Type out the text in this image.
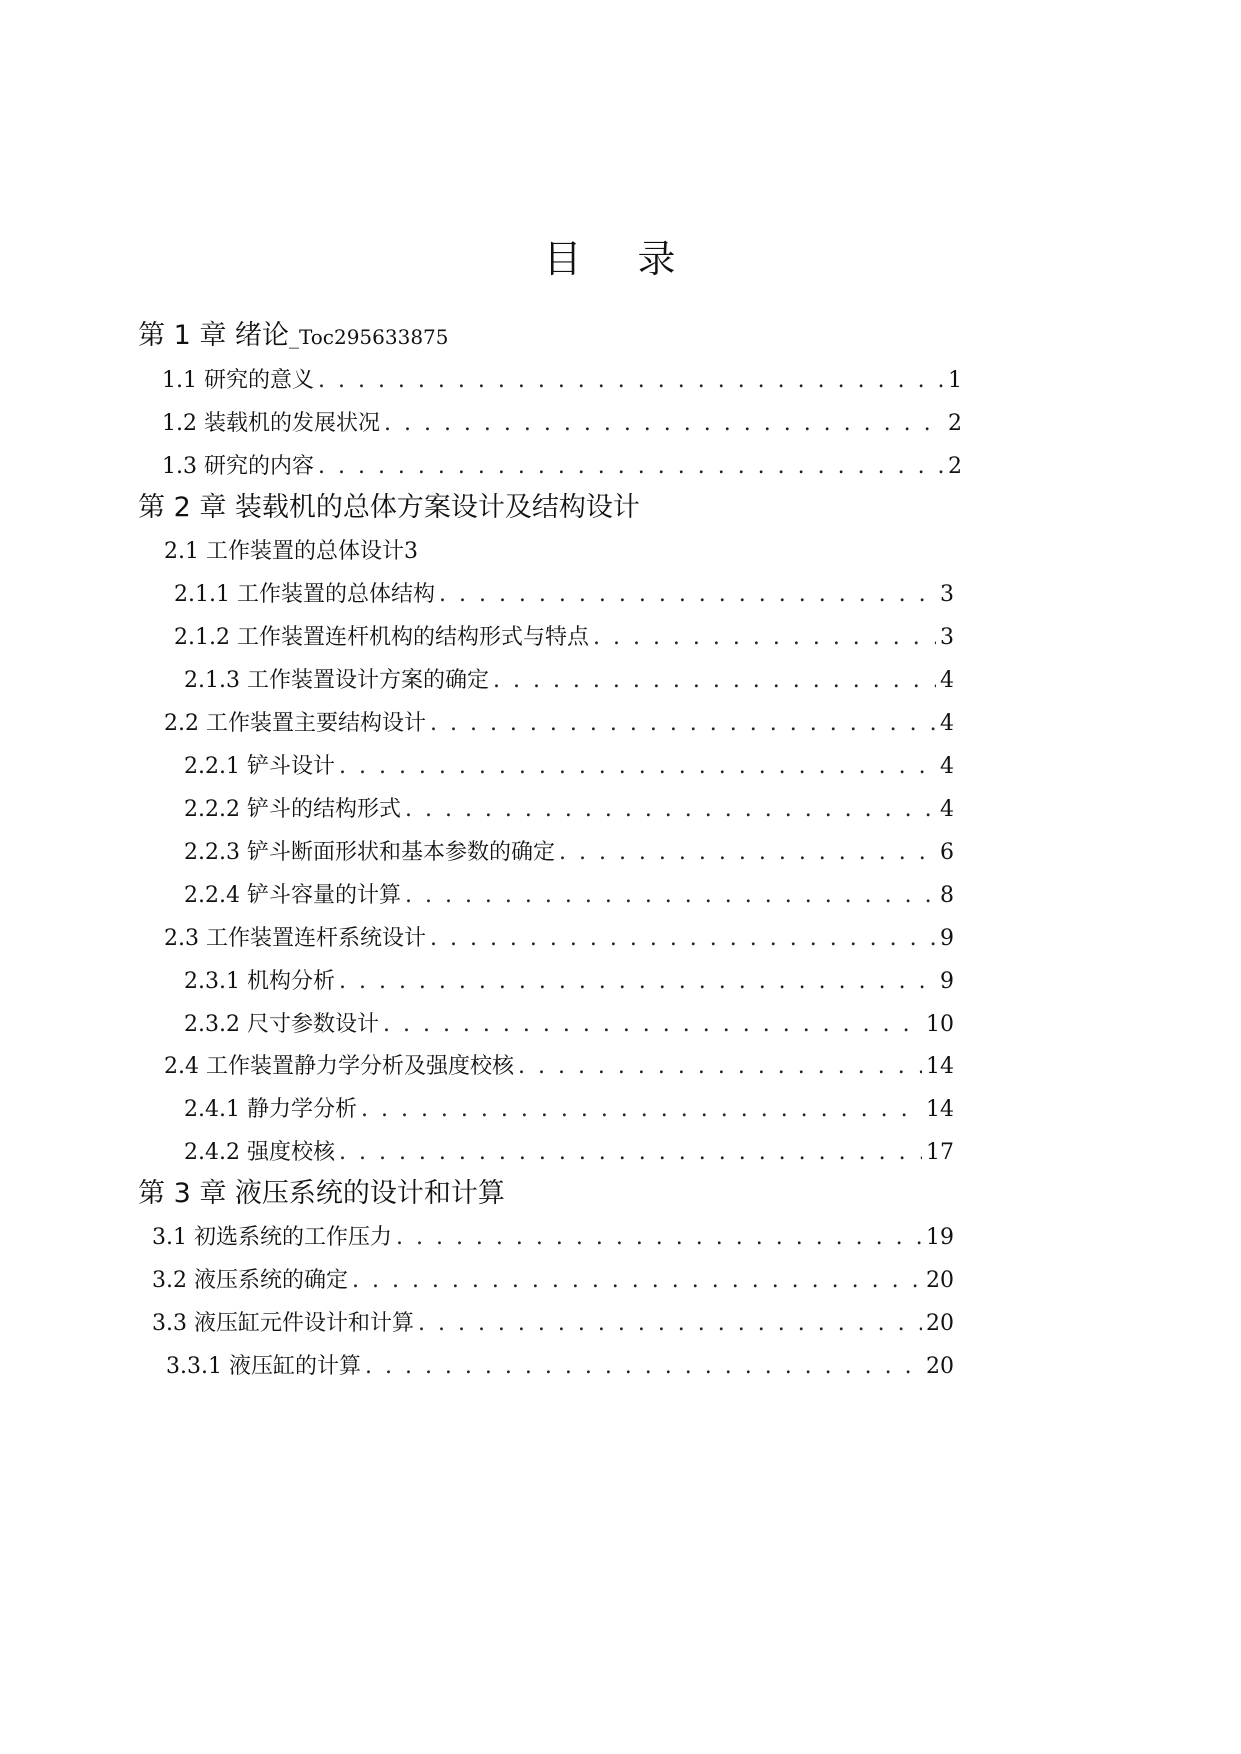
目 录
第 1 章 绪论 _Toc295633875
1.1 研究的意义 . . .	1
1.2 装载机的发展状况 . . .	2
1.3 研究的内容 . . .	2
第 2 章 装载机的总体方案设计及结构设计
2.1 工作装置的总体设计3
2.1.1 工作装置的总体结构 . . .	3
2.1.2 工作装置连杆机构的结构形式与特点 . . .	3
2.1.3 工作装置设计方案的确定 . . .	4
2.2 工作装置主要结构设计 . . .	4
2.2.1 铲斗设计 . . .	4
2.2.2 铲斗的结构形式 . . .	4
2.2.3 铲斗断面形状和基本参数的确定 . . .	6
2.2.4 铲斗容量的计算 . . .	8
2.3 工作装置连杆系统设计 . . .	9
2.3.1 机构分析 . . .	9
2.3.2 尺寸参数设计 . . .	10
2.4 工作装置静力学分析及强度校核 . . .	14
2.4.1 静力学分析 . . .	14
2.4.2 强度校核 . . .	17
第 3 章 液压系统的设计和计算
3.1 初选系统的工作压力 . . .	19
3.2 液压系统的确定 . . .	20
3.3 液压缸元件设计和计算 . . .	20
3.3.1 液压缸的计算 . . .	20
